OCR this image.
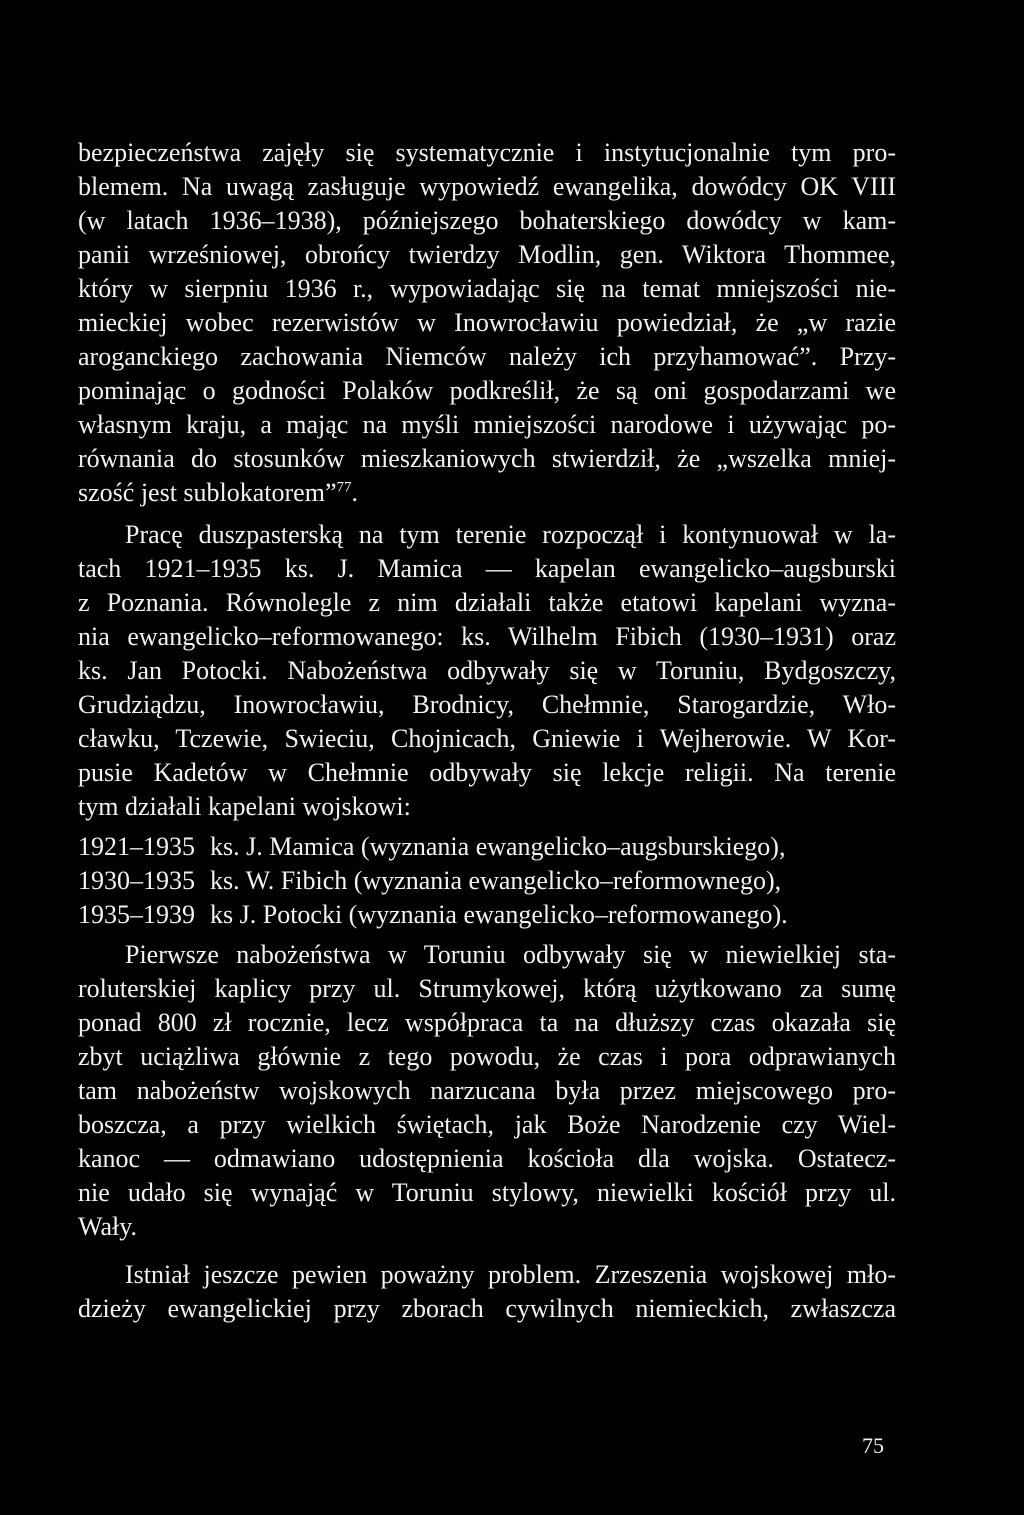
bezpieczeństwa zajęły się systematycznie i instytucjonalnie tym pro-
blemem. Na uwagą zasługuje wypowiedź ewangelika, dowódcy OK VIII
(w latach 1936–1938), późniejszego bohaterskiego dowódcy w kam-
panii wrześniowej, obrońcy twierdzy Modlin, gen. Wiktora Thommee,
który w sierpniu 1936 r., wypowiadając się na temat mniejszości nie-
mieckiej wobec rezerwistów w Inowrocławiu powiedział, że „w razie
aroganckiego zachowania Niemców należy ich przyhamować”. Przy-
pominając o godności Polaków podkreślił, że są oni gospodarzami we
własnym kraju, a mając na myśli mniejszości narodowe i używając po-
równania do stosunków mieszkaniowych stwierdził, że „wszelka mniej-
szość jest sublokatorem”$^{77}$.
Pracę duszpasterską na tym terenie rozpoczął i kontynuował w la-
tach 1921–1935 ks. J. Mamica — kapelan ewangelicko–augsburski
z Poznania. Równolegle z nim działali także etatowi kapelani wyzna-
nia ewangelicko–reformowanego: ks. Wilhelm Fibich (1930–1931) oraz
ks. Jan Potocki. Nabożeństwa odbywały się w Toruniu, Bydgoszczy,
Grudziądzu, Inowrocławiu, Brodnicy, Chełmnie, Starogardzie, Wło-
cławku, Tczewie, Swieciu, Chojnicach, Gniewie i Wejherowie. W Kor-
pusie Kadetów w Chełmnie odbywały się lekcje religii. Na terenie
tym działali kapelani wojskowi:
1921–1935 ks. J. Mamica (wyznania ewangelicko–augsburskiego),
1930–1935 ks. W. Fibich (wyznania ewangelicko–reformownego),
1935–1939 ks J. Potocki (wyznania ewangelicko–reformowanego).
Pierwsze nabożeństwa w Toruniu odbywały się w niewielkiej sta-
roluterskiej kaplicy przy ul. Strumykowej, którą użytkowano za sumę
ponad 800 zł rocznie, lecz współpraca ta na dłuższy czas okazała się
zbyt uciążliwa głównie z tego powodu, że czas i pora odprawianych
tam nabożeństw wojskowych narzucana była przez miejscowego pro-
boszcza, a przy wielkich świętach, jak Boże Narodzenie czy Wiel-
kanoc — odmawiano udostępnienia kościoła dla wojska. Ostatecz-
nie udało się wynająć w Toruniu stylowy, niewielki kościół przy ul.
Wały.
Istniał jeszcze pewien poważny problem. Zrzeszenia wojskowej mło-
dzieży ewangelickiej przy zborach cywilnych niemieckich, zwłaszcza
75
